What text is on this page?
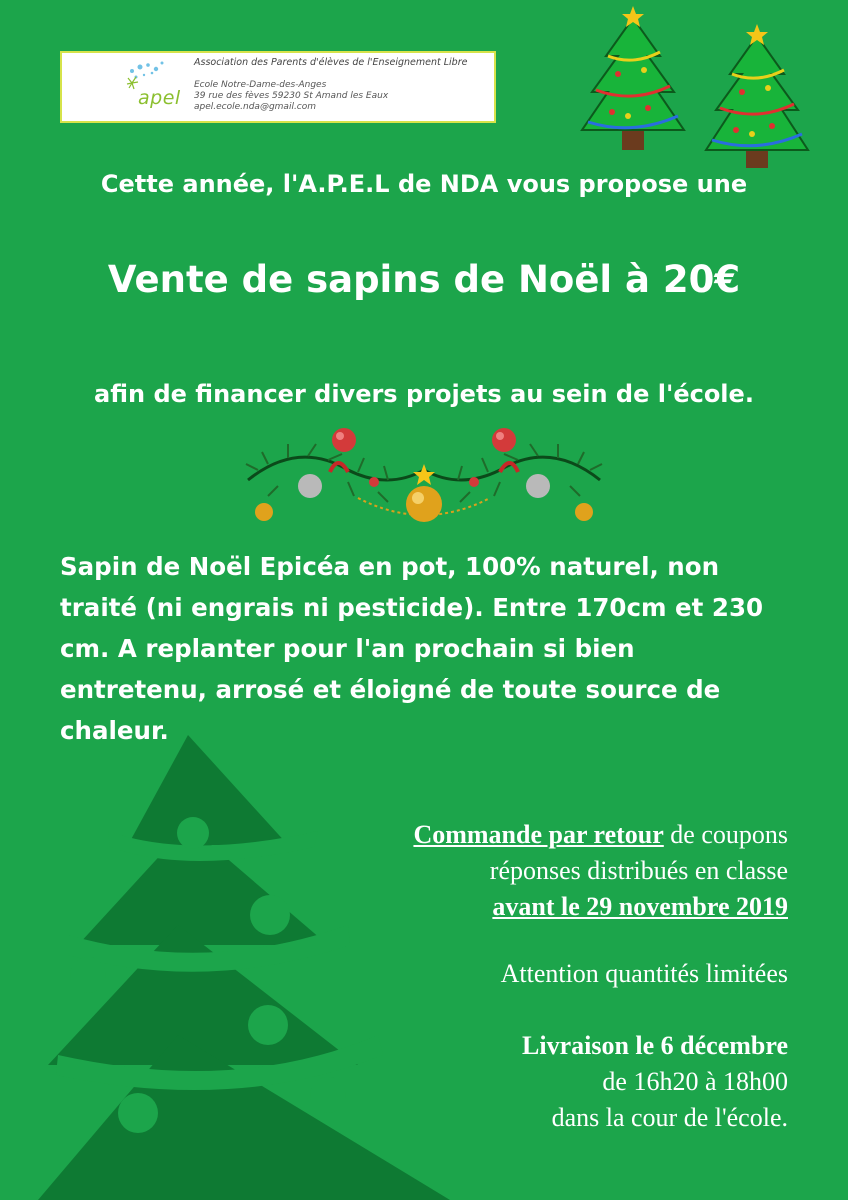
apel
Association des Parents d'élèves de l'Enseignement Libre
Ecole Notre-Dame-des-Anges
39 rue des fèves 59230 St Amand les Eaux
apel.ecole.nda@gmail.com
Cette année, l'A.P.E.L de NDA vous propose une
Vente de sapins de Noël à 20€
afin de financer divers projets au sein de l'école.
Sapin de Noël Epicéa en pot, 100% naturel, non
traité (ni engrais ni pesticide). Entre 170cm et 230
cm. A replanter pour l'an prochain si bien
entretenu, arrosé et éloigné de toute source de
chaleur.
Commande par retour de coupons
réponses distribués en classe
avant le 29 novembre 2019
Attention quantités limitées
Livraison le 6 décembre
de 16h20 à 18h00
dans la cour de l'école.
